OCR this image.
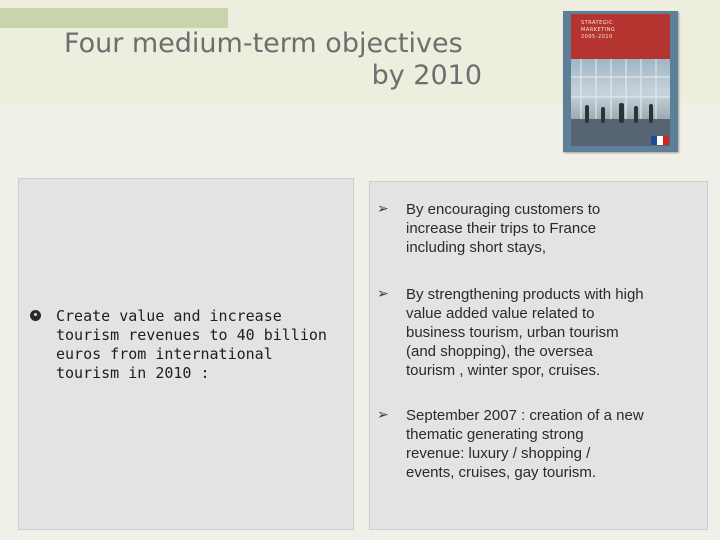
Four medium-term objectives
by 2010
STRATEGIC
MARKETING
2005-2010
Create value and increase
tourism revenues to 40 billion
euros from international
tourism in 2010 :
➢ By encouraging customers to
increase their trips to France
including short stays,
➢ By strengthening products with high
value added value related to
business tourism, urban tourism
(and shopping), the oversea
tourism , winter spor, cruises.
➢ September 2007 : creation of a new
thematic generating strong
revenue: luxury / shopping /
events, cruises, gay tourism.
